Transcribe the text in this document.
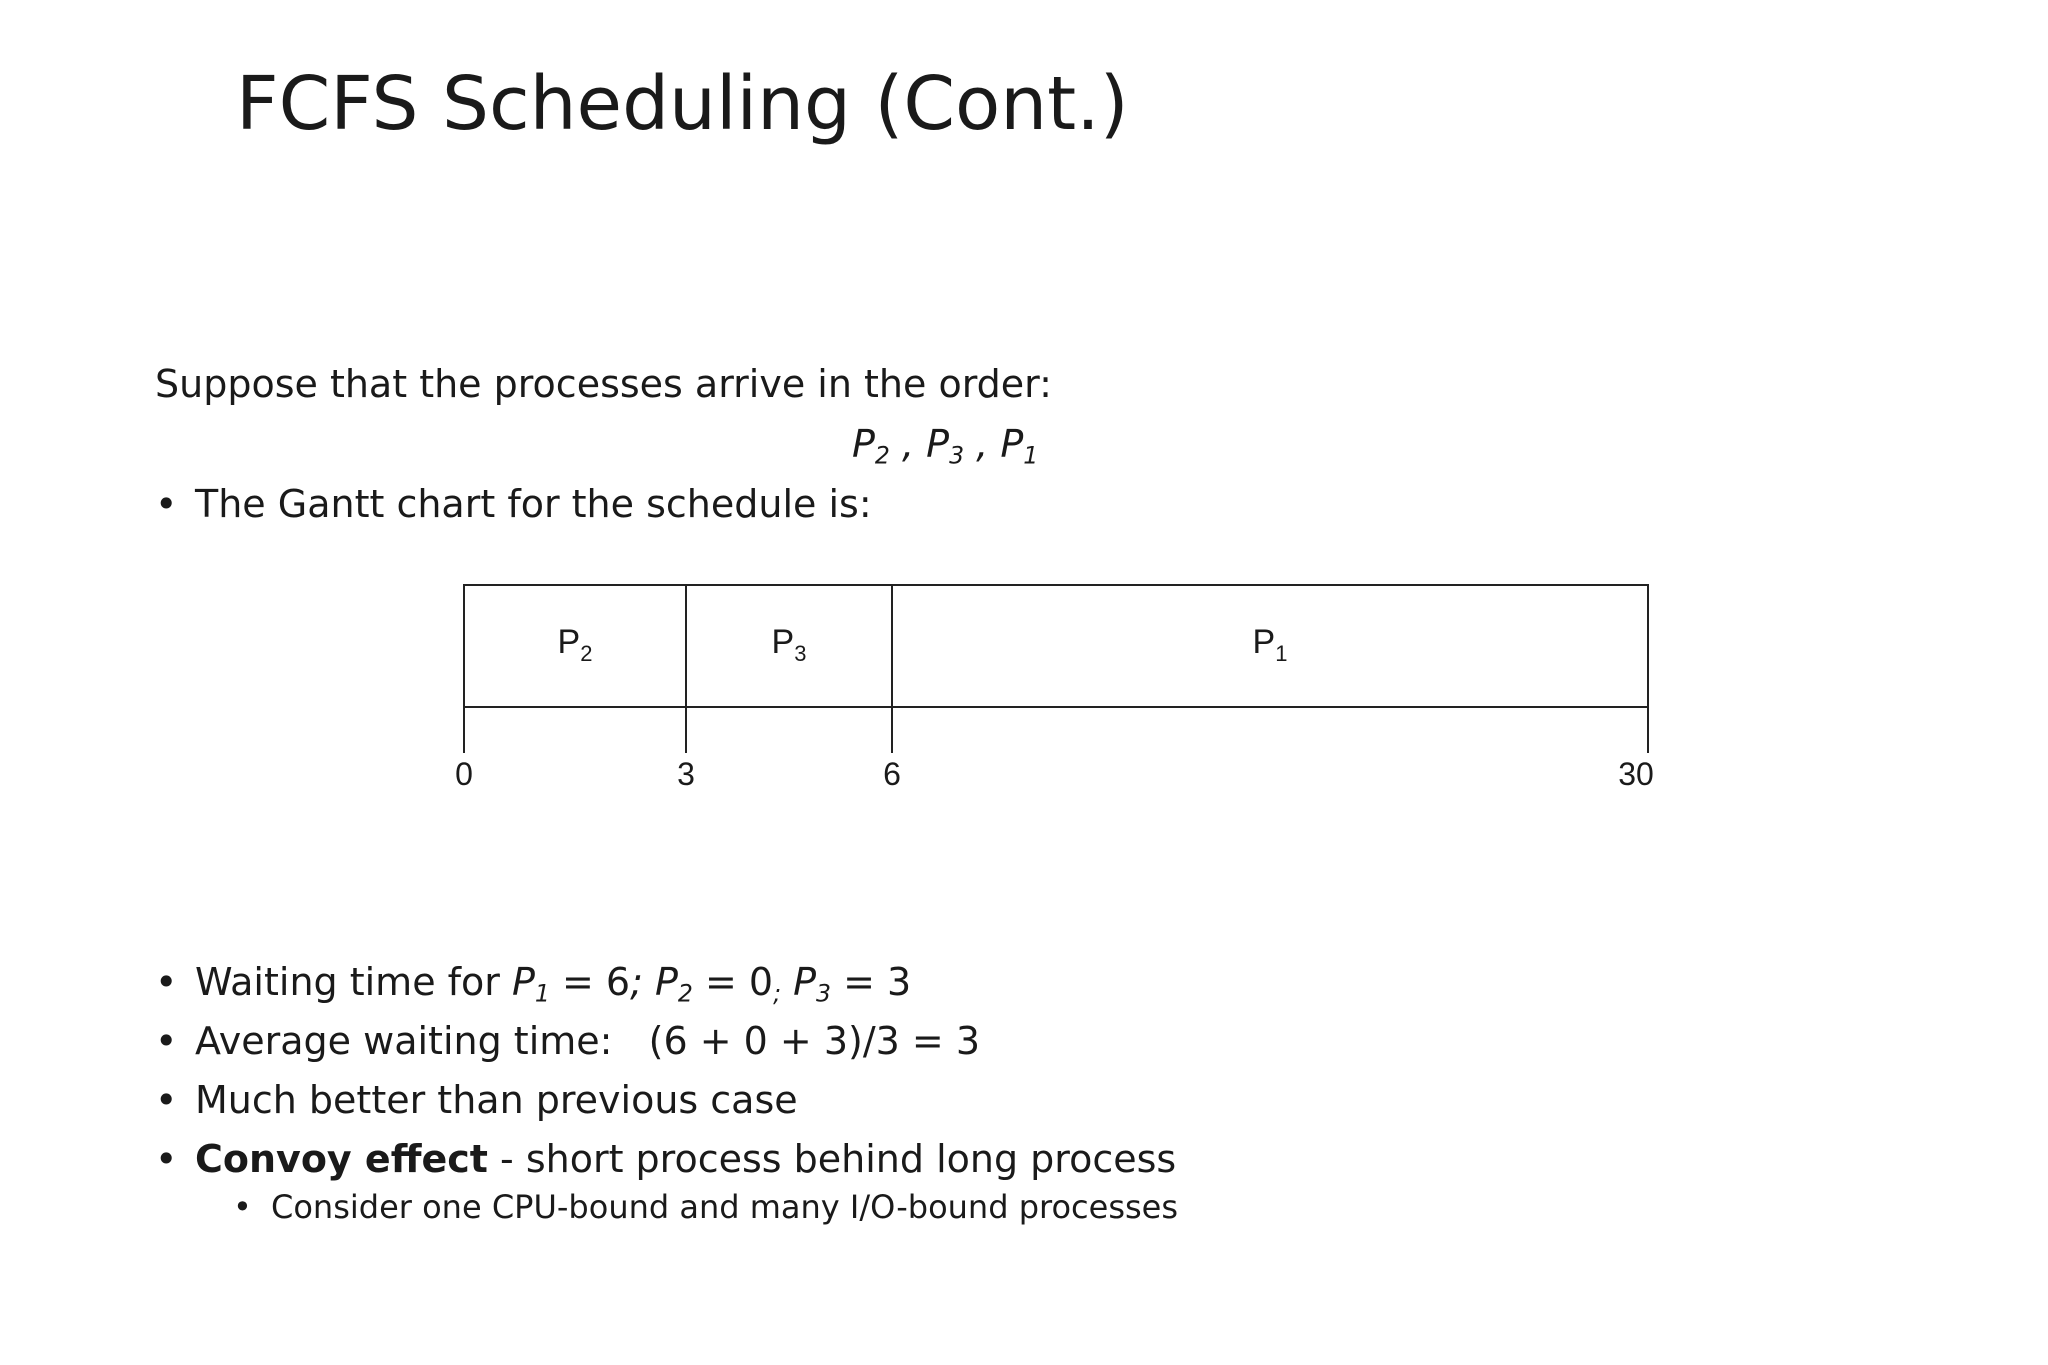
FCFS Scheduling (Cont.)
Suppose that the processes arrive in the order:
$P_2$ , $P_3$ , $P_1$
• The Gantt chart for the schedule is:
$P_2$	$P_3$	$P_1$
0	3	6	30
• Waiting time for $P_1 = 6$; $P_2 = 0_;$ $P_3 = 3$
• Average waiting time:   (6 + 0 + 3)/3 = 3
• Much better than previous case
• Convoy effect - short process behind long process
• Consider one CPU-bound and many I/O-bound processes
